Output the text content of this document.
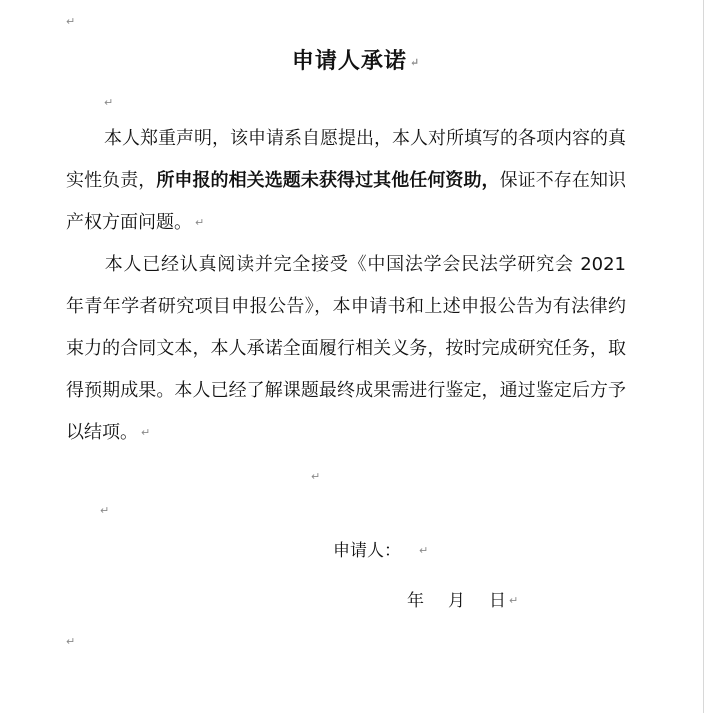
↵
申请人承诺 ↵
↵
本人郑重声明，该申请系自愿提出，本人对所填写的各项内容的真实性负责，所申报的相关选题未获得过其他任何资助，保证不存在知识产权方面问题。 ↵
本人已经认真阅读并完全接受《中国法学会民法学研究会 2021 年青年学者研究项目申报公告》，本申请书和上述申报公告为有法律约束力的合同文本，本人承诺全面履行相关义务，按时完成研究任务，取得预期成果。本人已经了解课题最终成果需进行鉴定，通过鉴定后方予以结项。 ↵
↵
↵
申请人： ↵
年 月 日 ↵
↵
